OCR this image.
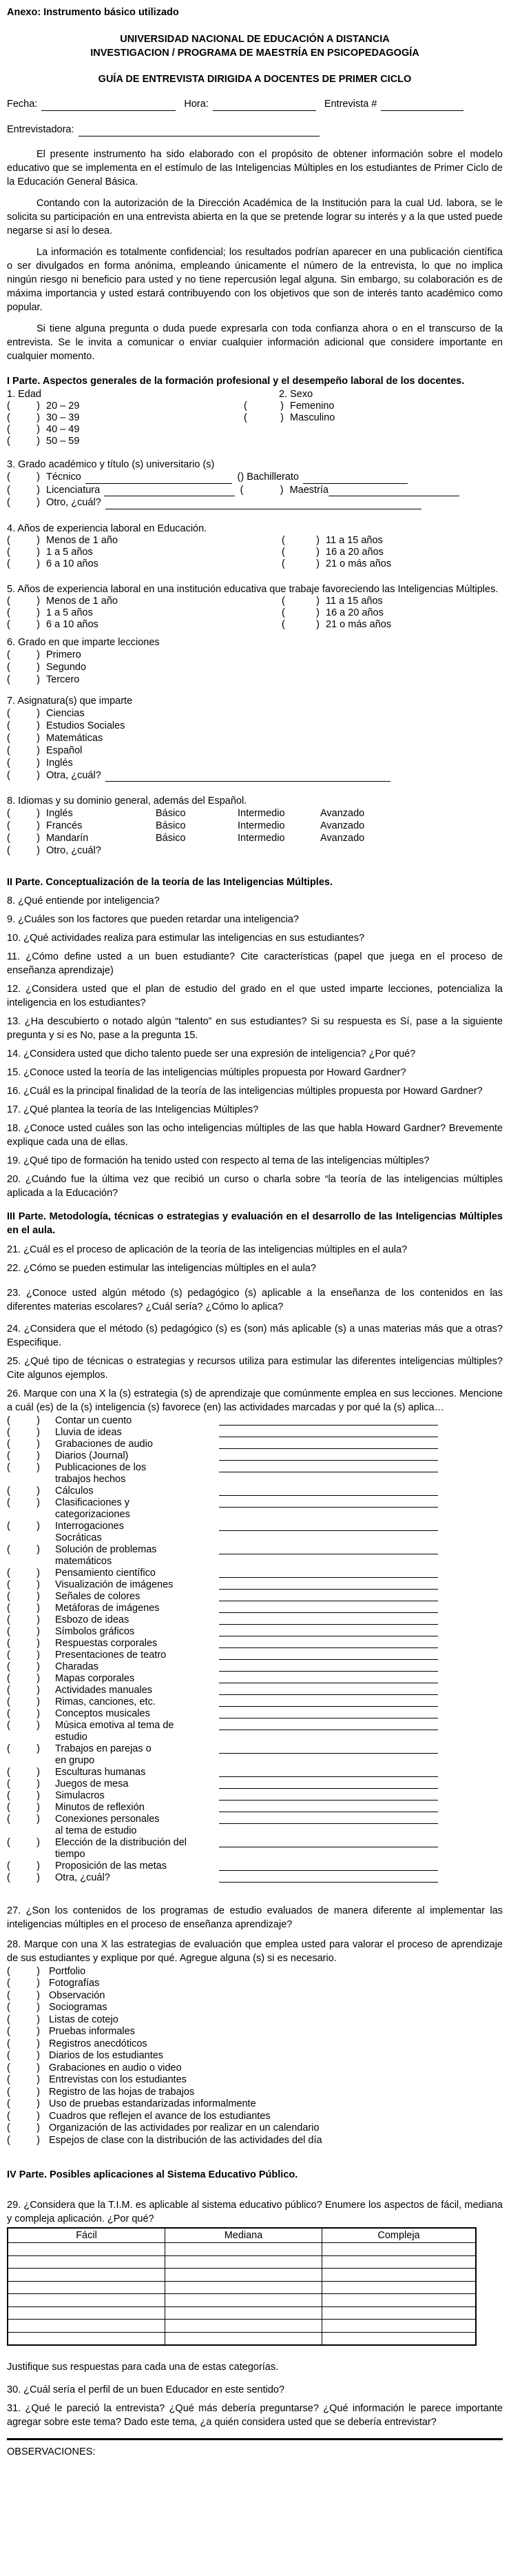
Anexo: Instrumento básico utilizado
UNIVERSIDAD NACIONAL DE EDUCACIÓN A DISTANCIA
INVESTIGACION / PROGRAMA DE MAESTRÍA EN PSICOPEDAGOGÍA
GUÍA DE ENTREVISTA DIRIGIDA A DOCENTES DE PRIMER CICLO
Fecha:	Hora:	Entrevista #
Entrevistadora:

El presente instrumento ha sido elaborado con el propósito de obtener información sobre el modelo educativo que se implementa en el estímulo de las Inteligencias Múltiples en los estudiantes de Primer Ciclo de la Educación General Básica.

Contando con la autorización de la Dirección Académica de la Institución para la cual Ud. labora, se le solicita su participación en una entrevista abierta en la que se pretende lograr su interés y a la que usted puede negarse si así lo desea.

La información es totalmente confidencial; los resultados podrían aparecer en una publicación científica o ser divulgados en forma anónima, empleando únicamente el número de la entrevista, lo que no implica ningún riesgo ni beneficio para usted y no tiene repercusión legal alguna. Sin embargo, su colaboración es de máxima importancia y usted estará contribuyendo con los objetivos que son de interés tanto académico como popular.

Si tiene alguna pregunta o duda puede expresarla con toda confianza ahora o en el transcurso de la entrevista. Se le invita a comunicar o enviar cualquier información adicional que considere importante en cualquier momento.

I Parte. Aspectos generales de la formación profesional y el desempeño laboral de los docentes.
1. Edad
( )
20 – 29
( )
30 – 39
( )
40 – 49
( )
50 – 59
2. Sexo
( )
Femenino
( )
Masculino
3. Grado académico y título (s) universitario (s)
( )
Técnico ( )	Bachillerato
( )
Licenciatura ( )	Maestría
( )
Otro, ¿cuál?
4. Años de experiencia laboral en Educación.
( )
Menos de 1 año ( )	11 a 15 años
( )
1 a 5 años ( )	16 a 20 años
( )
6 a 10 años ( )	21 o más años
5. Años de experiencia laboral en una institución educativa que trabaje favoreciendo las Inteligencias Múltiples.
( )
Menos de 1 año ( )	11 a 15 años
( )
1 a 5 años ( )	16 a 20 años
( )
6 a 10 años ( )	21 o más años
6. Grado en que imparte lecciones
( )
Primero
( )
Segundo
( )
Tercero
7. Asignatura(s) que imparte
( )
Ciencias
( )
Estudios Sociales
( )
Matemáticas
( )
Español
( )
Inglés
( )
Otra, ¿cuál?
8. Idiomas y su dominio general, además del Español.
( )
Inglés	Básico	Intermedio	Avanzado
( )
Francés	Básico	Intermedio	Avanzado
( )
Mandarín	Básico	Intermedio	Avanzado
( )
Otro, ¿cuál?
II Parte. Conceptualización de la teoría de las Inteligencias Múltiples.

8. ¿Qué entiende por inteligencia?

9. ¿Cuáles son los factores que pueden retardar una inteligencia?

10. ¿Qué actividades realiza para estimular las inteligencias en sus estudiantes?

11. ¿Cómo define usted a un buen estudiante? Cite características (papel que juega en el proceso de enseñanza aprendizaje)

12. ¿Considera usted que el plan de estudio del grado en el que usted imparte lecciones, potencializa la inteligencia en los estudiantes?

13. ¿Ha descubierto o notado algún “talento” en sus estudiantes? Si su respuesta es Sí, pase a la siguiente pregunta y si es No, pase a la pregunta 15.

14. ¿Considera usted que dicho talento puede ser una expresión de inteligencia? ¿Por qué?

15. ¿Conoce usted la teoría de las inteligencias múltiples propuesta por Howard Gardner?

16. ¿Cuál es la principal finalidad de la teoría de las inteligencias múltiples propuesta por Howard Gardner?

17. ¿Qué plantea la teoría de las Inteligencias Múltiples?

18. ¿Conoce usted cuáles son las ocho inteligencias múltiples de las que habla Howard Gardner? Brevemente explique cada una de ellas.

19. ¿Qué tipo de formación ha tenido usted con respecto al tema de las inteligencias múltiples?

20. ¿Cuándo fue la última vez que recibió un curso o charla sobre “la teoría de las inteligencias múltiples aplicada a la Educación?

III Parte. Metodología, técnicas o estrategias y evaluación en el desarrollo de las Inteligencias Múltiples en el aula.

21. ¿Cuál es el proceso de aplicación de la teoría de las inteligencias múltiples en el aula?

22. ¿Cómo se pueden estimular las inteligencias múltiples en el aula?

23. ¿Conoce usted algún método (s) pedagógico (s) aplicable a la enseñanza de los contenidos en las diferentes materias escolares? ¿Cuál sería? ¿Cómo lo aplica?

24. ¿Considera que el método (s) pedagógico (s) es (son) más aplicable (s) a unas materias más que a otras? Especifique.

25. ¿Qué tipo de técnicas o estrategias y recursos utiliza para estimular las diferentes inteligencias múltiples? Cite algunos ejemplos.

26. Marque con una X la (s) estrategia (s) de aprendizaje que comúnmente emplea en sus lecciones. Mencione a cuál (es) de la (s) inteligencia (s) favorece (en) las actividades marcadas y por qué la (s) aplica…

( )
Contar un cuento
( )
Lluvia de ideas
( )
Grabaciones de audio
( )
Diarios (Journal)
( )
Publicaciones de los
trabajos hechos
( )
Cálculos
( )
Clasificaciones y
categorizaciones
( )
Interrogaciones
Socráticas
( )
Solución de problemas
matemáticos
( )
Pensamiento científico
( )
Visualización de imágenes
( )
Señales de colores
( )
Metáforas de imágenes
( )
Esbozo de ideas
( )
Símbolos gráficos
( )
Respuestas corporales
( )
Presentaciones de teatro
( )
Charadas
( )
Mapas corporales
( )
Actividades manuales
( )
Rimas, canciones, etc.
( )
Conceptos musicales
( )
Música emotiva al tema de
estudio
( )
Trabajos en parejas o
en grupo
( )
Esculturas humanas
( )
Juegos de mesa
( )
Simulacros
( )
Minutos de reflexión
( )
Conexiones personales
al tema de estudio
( )
Elección de la distribución del
tiempo
( )
Proposición de las metas
( )
Otra, ¿cuál?

27. ¿Son los contenidos de los programas de estudio evaluados de manera diferente al implementar las inteligencias múltiples en el proceso de enseñanza aprendizaje?

28. Marque con una X las estrategias de evaluación que emplea usted para valorar el proceso de aprendizaje de sus estudiantes y explique por qué. Agregue alguna (s) si es necesario.

( )
Portfolio
( )
Fotografías
( )
Observación
( )
Sociogramas
( )
Listas de cotejo
( )
Pruebas informales
( )
Registros anecdóticos
( )
Diarios de los estudiantes
( )
Grabaciones en audio o video
( )
Entrevistas con los estudiantes
( )
Registro de las hojas de trabajos
( )
Uso de pruebas estandarizadas informalmente
( )
Cuadros que reflejen el avance de los estudiantes
( )
Organización de las actividades por realizar en un calendario
( )
Espejos de clase con la distribución de las actividades del día
IV Parte. Posibles aplicaciones al Sistema Educativo Público.

29. ¿Considera que la T.I.M. es aplicable al sistema educativo público? Enumere los aspectos de fácil, mediana y compleja aplicación. ¿Por qué?

Fácil	Mediana	Compleja

Justifique sus respuestas para cada una de estas categorías.

30. ¿Cuál sería el perfil de un buen Educador en este sentido?

31. ¿Qué le pareció la entrevista? ¿Qué más debería preguntarse? ¿Qué información le parece importante agregar sobre este tema? Dado este tema, ¿a quién considera usted que se debería entrevistar?

OBSERVACIONES:
